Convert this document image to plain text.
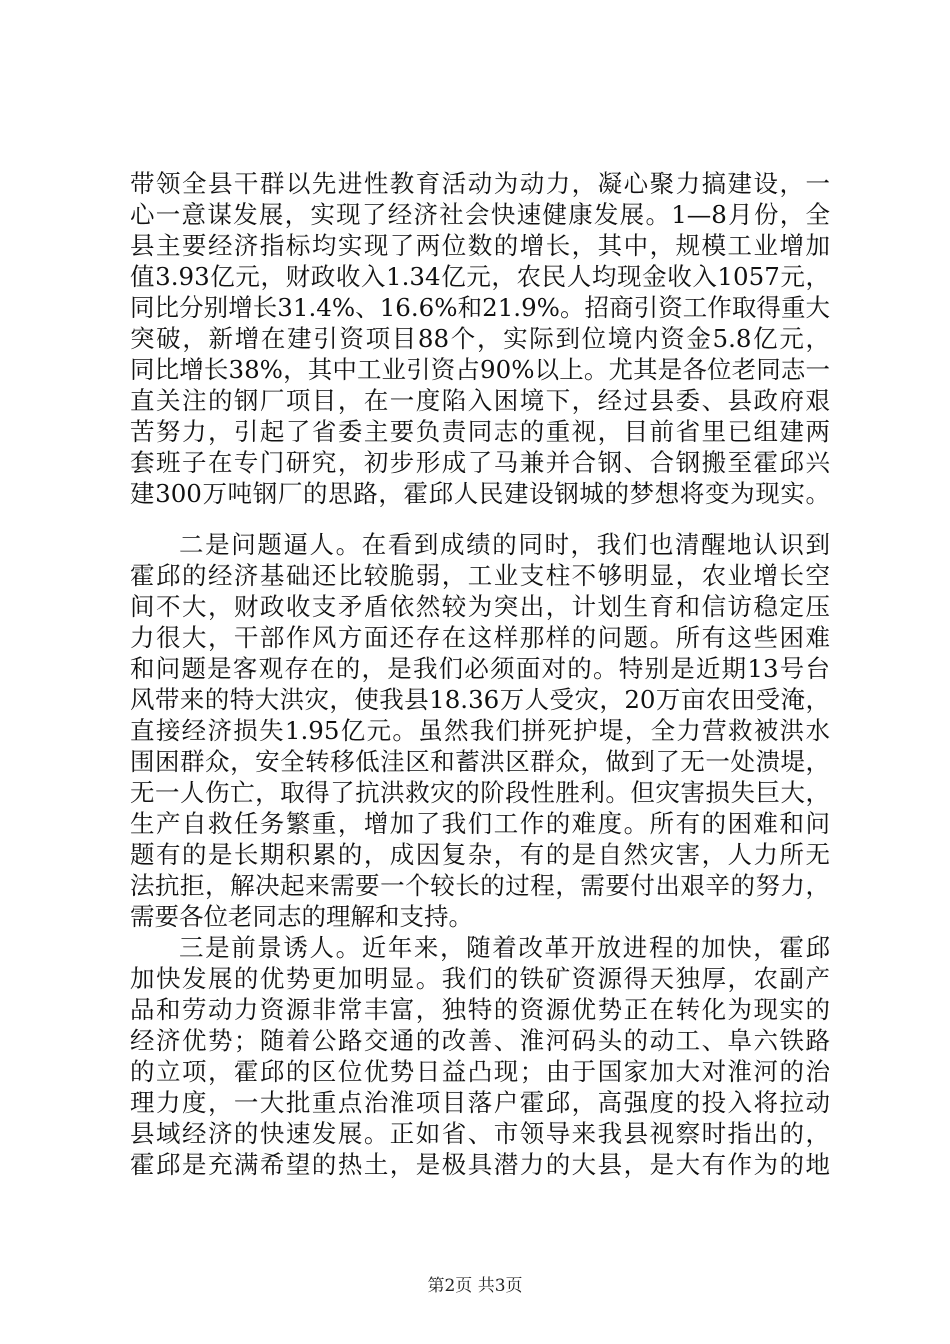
带领全县干群以先进性教育活动为动力，凝心聚力搞建设，一
心一意谋发展，实现了经济社会快速健康发展。1—8月份，全
县主要经济指标均实现了两位数的增长，其中，规模工业增加
值3.93亿元，财政收入1.34亿元，农民人均现金收入1057元，
同比分别增长31.4%、16.6%和21.9%。招商引资工作取得重大
突破，新增在建引资项目88个，实际到位境内资金5.8亿元，
同比增长38%，其中工业引资占90%以上。尤其是各位老同志一
直关注的钢厂项目，在一度陷入困境下，经过县委、县政府艰
苦努力，引起了省委主要负责同志的重视，目前省里已组建两
套班子在专门研究，初步形成了马兼并合钢、合钢搬至霍邱兴
建300万吨钢厂的思路，霍邱人民建设钢城的梦想将变为现实。
二是问题逼人。在看到成绩的同时，我们也清醒地认识到
霍邱的经济基础还比较脆弱，工业支柱不够明显，农业增长空
间不大，财政收支矛盾依然较为突出，计划生育和信访稳定压
力很大，干部作风方面还存在这样那样的问题。所有这些困难
和问题是客观存在的，是我们必须面对的。特别是近期13号台
风带来的特大洪灾，使我县18.36万人受灾，20万亩农田受淹，
直接经济损失1.95亿元。虽然我们拼死护堤，全力营救被洪水
围困群众，安全转移低洼区和蓄洪区群众，做到了无一处溃堤，
无一人伤亡，取得了抗洪救灾的阶段性胜利。但灾害损失巨大，
生产自救任务繁重，增加了我们工作的难度。所有的困难和问
题有的是长期积累的，成因复杂，有的是自然灾害，人力所无
法抗拒，解决起来需要一个较长的过程，需要付出艰辛的努力，
需要各位老同志的理解和支持。
三是前景诱人。近年来，随着改革开放进程的加快，霍邱
加快发展的优势更加明显。我们的铁矿资源得天独厚，农副产
品和劳动力资源非常丰富，独特的资源优势正在转化为现实的
经济优势；随着公路交通的改善、淮河码头的动工、阜六铁路
的立项，霍邱的区位优势日益凸现；由于国家加大对淮河的治
理力度，一大批重点治淮项目落户霍邱，高强度的投入将拉动
县域经济的快速发展。正如省、市领导来我县视察时指出的，
霍邱是充满希望的热土，是极具潜力的大县，是大有作为的地
第2页 共3页
